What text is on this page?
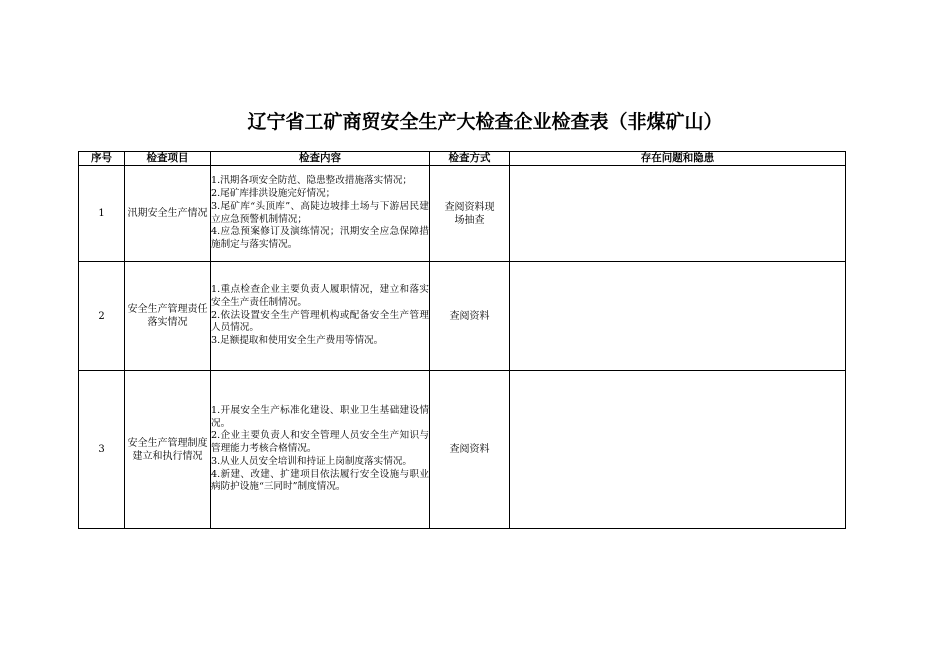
辽宁省工矿商贸安全生产大检查企业检查表（非煤矿山）
序号	检查项目	检查内容	检查方式	存在问题和隐患
1	汛期安全生产情况	1.汛期各项安全防范、隐患整改措施落实情况；
2.尾矿库排洪设施完好情况；
3.尾矿库“头顶库”、高陡边坡排土场与下游居民建立应急预警机制情况；
4.应急预案修订及演练情况；汛期安全应急保障措施制定与落实情况。	查阅资料现场抽查	
2	安全生产管理责任落实情况	1.重点检查企业主要负责人履职情况，建立和落实安全生产责任制情况。
2.依法设置安全生产管理机构或配备安全生产管理人员情况。
3.足额提取和使用安全生产费用等情况。	查阅资料	
3	安全生产管理制度建立和执行情况	1.开展安全生产标准化建设、职业卫生基础建设情况。
2.企业主要负责人和安全管理人员安全生产知识与管理能力考核合格情况。
3.从业人员安全培训和持证上岗制度落实情况。
4.新建、改建、扩建项目依法履行安全设施与职业病防护设施“三同时”制度情况。	查阅资料	
